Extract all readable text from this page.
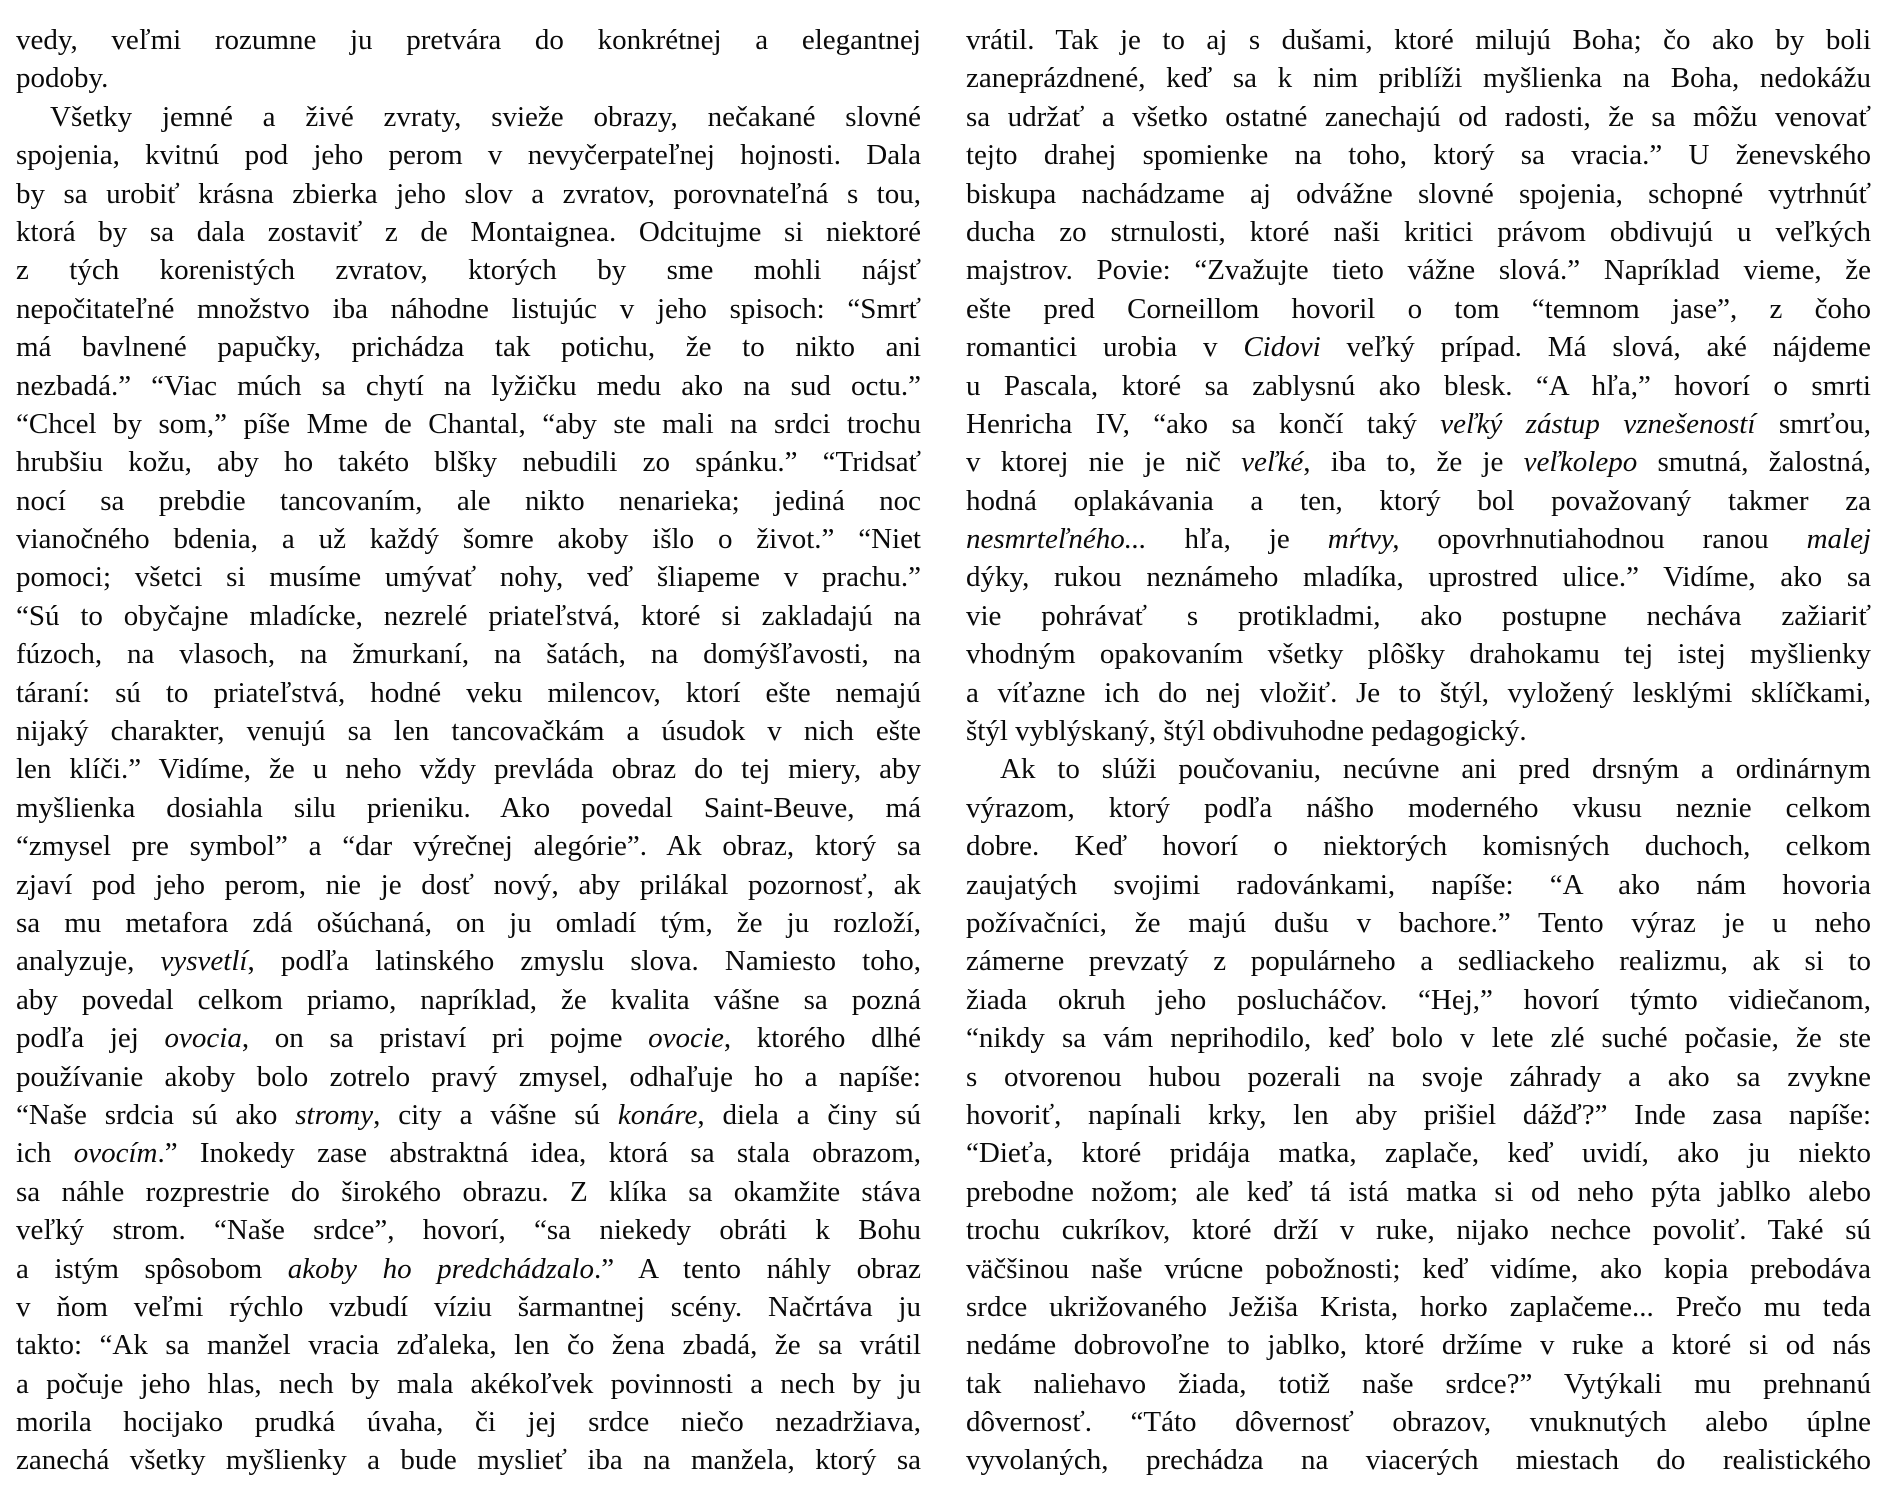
vedy, veľmi rozumne ju pretvára do konkrétnej a elegantnej
podoby.
Všetky jemné a živé zvraty, svieže obrazy, nečakané slovné
spojenia, kvitnú pod jeho perom v nevyčerpateľnej hojnosti. Dala
by sa urobiť krásna zbierka jeho slov a zvratov, porovnateľná s tou,
ktorá by sa dala zostaviť z de Montaignea. Odcitujme si niektoré
z tých korenistých zvratov, ktorých by sme mohli nájsť
nepočitateľné množstvo iba náhodne listujúc v jeho spisoch: “Smrť
má bavlnené papučky, prichádza tak potichu, že to nikto ani
nezbadá.” “Viac múch sa chytí na lyžičku medu ako na sud octu.”
“Chcel by som,” píše Mme de Chantal, “aby ste mali na srdci trochu
hrubšiu kožu, aby ho takéto blšky nebudili zo spánku.” “Tridsať
nocí sa prebdie tancovaním, ale nikto nenarieka; jediná noc
vianočného bdenia, a už každý šomre akoby išlo o život.” “Niet
pomoci; všetci si musíme umývať nohy, veď šliapeme v prachu.”
“Sú to obyčajne mladícke, nezrelé priateľstvá, ktoré si zakladajú na
fúzoch, na vlasoch, na žmurkaní, na šatách, na domýšľavosti, na
táraní: sú to priateľstvá, hodné veku milencov, ktorí ešte nemajú
nijaký charakter, venujú sa len tancovačkám a úsudok v nich ešte
len klíči.” Vidíme, že u neho vždy prevláda obraz do tej miery, aby
myšlienka dosiahla silu prieniku. Ako povedal Saint-Beuve, má
“zmysel pre symbol” a “dar výrečnej alegórie”. Ak obraz, ktorý sa
zjaví pod jeho perom, nie je dosť nový, aby prilákal pozornosť, ak
sa mu metafora zdá ošúchaná, on ju omladí tým, že ju rozloží,
analyzuje, vysvetlí, podľa latinského zmyslu slova. Namiesto toho,
aby povedal celkom priamo, napríklad, že kvalita vášne sa pozná
podľa jej ovocia, on sa pristaví pri pojme ovocie, ktorého dlhé
používanie akoby bolo zotrelo pravý zmysel, odhaľuje ho a napíše:
“Naše srdcia sú ako stromy, city a vášne sú konáre, diela a činy sú
ich ovocím.” Inokedy zase abstraktná idea, ktorá sa stala obrazom,
sa náhle rozprestrie do širokého obrazu. Z klíka sa okamžite stáva
veľký strom. “Naše srdce”, hovorí, “sa niekedy obráti k Bohu
a istým spôsobom akoby ho predchádzalo.” A tento náhly obraz
v ňom veľmi rýchlo vzbudí víziu šarmantnej scény. Načrtáva ju
takto: “Ak sa manžel vracia zďaleka, len čo žena zbadá, že sa vrátil
a počuje jeho hlas, nech by mala akékoľvek povinnosti a nech by ju
morila hocijako prudká úvaha, či jej srdce niečo nezadržiava,
zanechá všetky myšlienky a bude myslieť iba na manžela, ktorý sa
vrátil. Tak je to aj s dušami, ktoré milujú Boha; čo ako by boli
zaneprázdnené, keď sa k nim priblíži myšlienka na Boha, nedokážu
sa udržať a všetko ostatné zanechajú od radosti, že sa môžu venovať
tejto drahej spomienke na toho, ktorý sa vracia.” U ženevského
biskupa nachádzame aj odvážne slovné spojenia, schopné vytrhnúť
ducha zo strnulosti, ktoré naši kritici právom obdivujú u veľkých
majstrov. Povie: “Zvažujte tieto vážne slová.” Napríklad vieme, že
ešte pred Corneillom hovoril o tom “temnom jase”, z čoho
romantici urobia v Cidovi veľký prípad. Má slová, aké nájdeme
u Pascala, ktoré sa zablysnú ako blesk. “A hľa,” hovorí o smrti
Henricha IV, “ako sa končí taký veľký zástup vznešeností smrťou,
v ktorej nie je nič veľké, iba to, že je veľkolepo smutná, žalostná,
hodná oplakávania a ten, ktorý bol považovaný takmer za
nesmrteľného... hľa, je mŕtvy, opovrhnutiahodnou ranou malej
dýky, rukou neznámeho mladíka, uprostred ulice.” Vidíme, ako sa
vie pohrávať s protikladmi, ako postupne necháva zažiariť
vhodným opakovaním všetky plôšky drahokamu tej istej myšlienky
a víťazne ich do nej vložiť. Je to štýl, vyložený lesklými sklíčkami,
štýl vyblýskaný, štýl obdivuhodne pedagogický.
Ak to slúži poučovaniu, necúvne ani pred drsným a ordinárnym
výrazom, ktorý podľa nášho moderného vkusu neznie celkom
dobre. Keď hovorí o niektorých komisných duchoch, celkom
zaujatých svojimi radovánkami, napíše: “A ako nám hovoria
požívačníci, že majú dušu v bachore.” Tento výraz je u neho
zámerne prevzatý z populárneho a sedliackeho realizmu, ak si to
žiada okruh jeho poslucháčov. “Hej,” hovorí týmto vidiečanom,
“nikdy sa vám neprihodilo, keď bolo v lete zlé suché počasie, že ste
s otvorenou hubou pozerali na svoje záhrady a ako sa zvykne
hovoriť, napínali krky, len aby prišiel dážď?” Inde zasa napíše:
“Dieťa, ktoré pridája matka, zaplače, keď uvidí, ako ju niekto
prebodne nožom; ale keď tá istá matka si od neho pýta jablko alebo
trochu cukríkov, ktoré drží v ruke, nijako nechce povoliť. Také sú
väčšinou naše vrúcne pobožnosti; keď vidíme, ako kopia prebodáva
srdce ukrižovaného Ježiša Krista, horko zaplačeme... Prečo mu teda
nedáme dobrovoľne to jablko, ktoré držíme v ruke a ktoré si od nás
tak naliehavo žiada, totiž naše srdce?” Vytýkali mu prehnanú
dôvernosť. “Táto dôvernosť obrazov, vnuknutých alebo úplne
vyvolaných, prechádza na viacerých miestach do realistického
